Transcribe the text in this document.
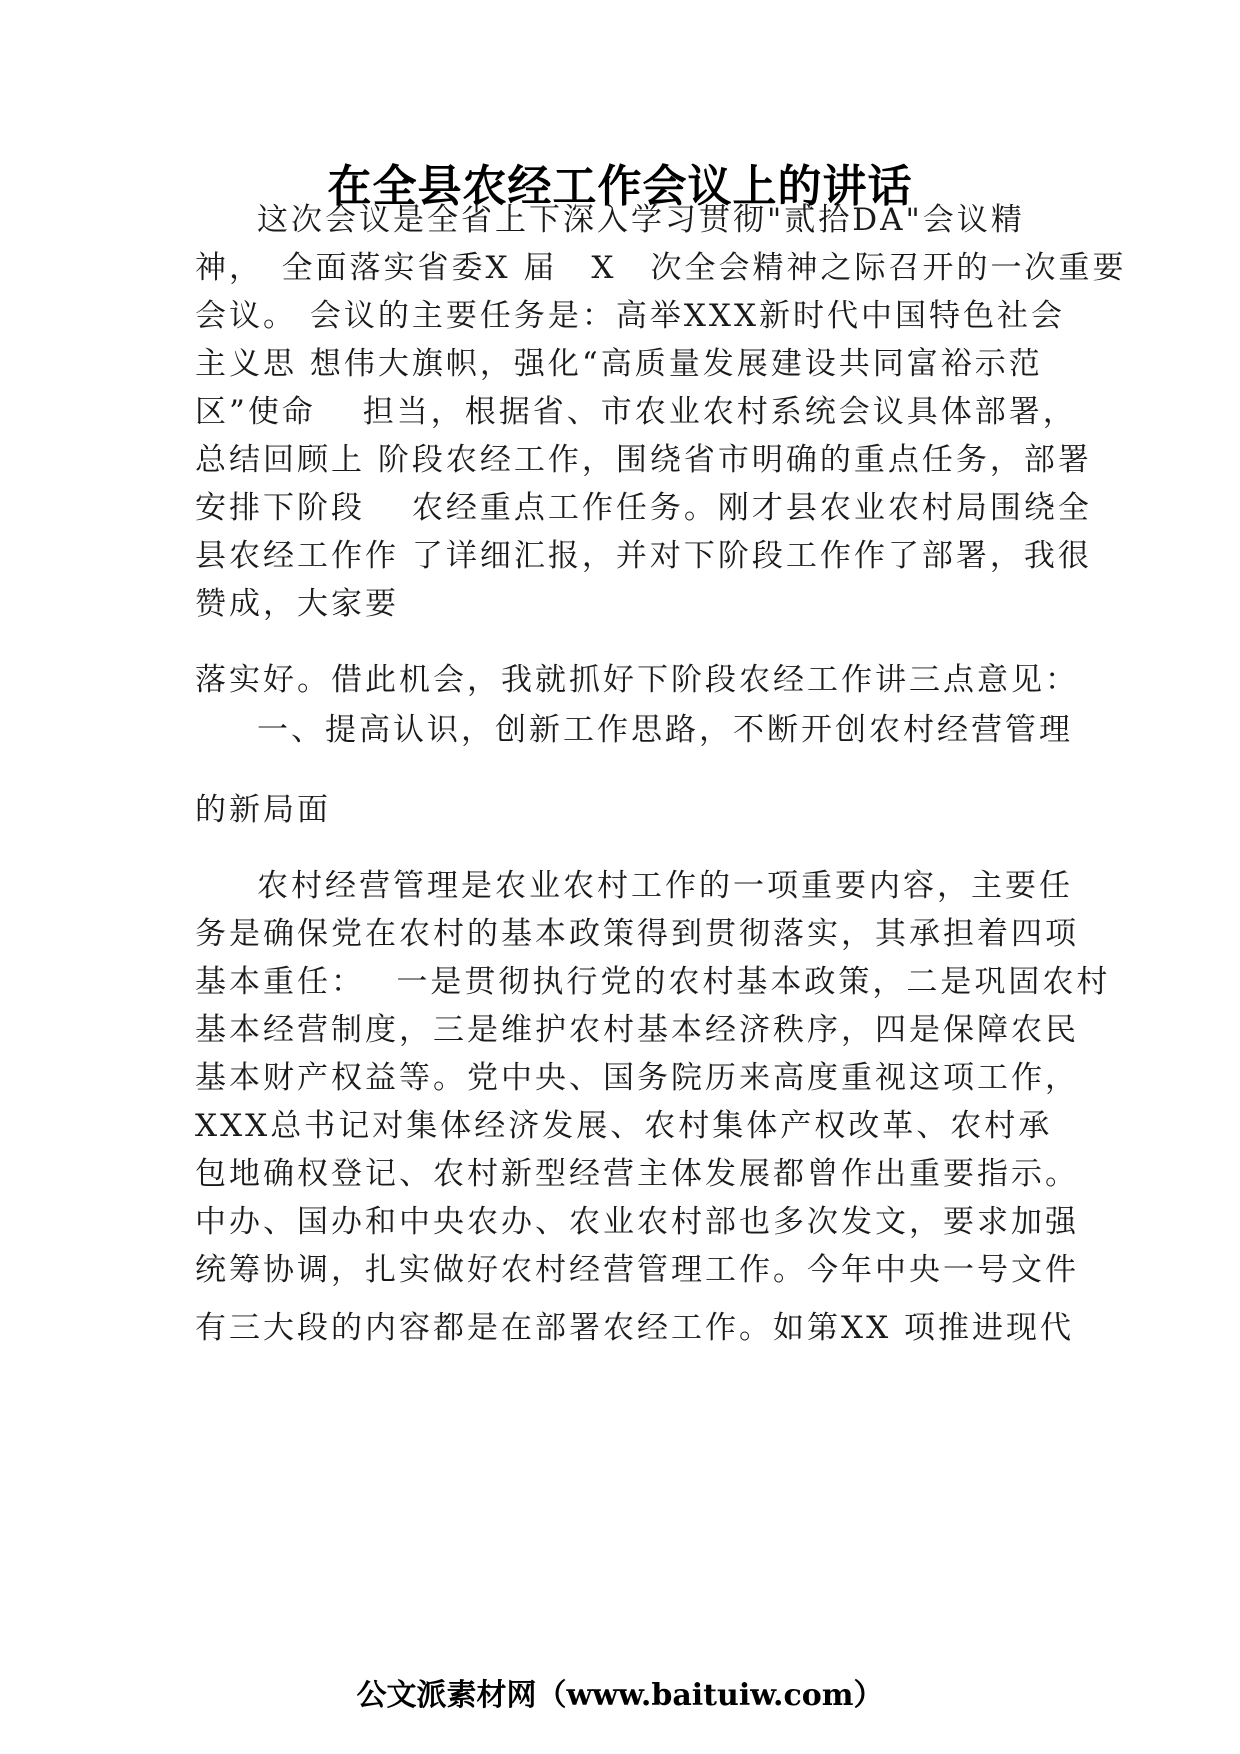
在全县农经工作会议上的讲话
这次会议是全省上下深入学习贯彻"贰拾DA"会议精
神，　全面落实省委X 届　X　次全会精神之际召开的一次重要
会议。 会议的主要任务是：高举XXX新时代中国特色社会
主义思 想伟大旗帜，强化“高质量发展建设共同富裕示范
区”使命　 担当，根据省、市农业农村系统会议具体部署，
总结回顾上 阶段农经工作，围绕省市明确的重点任务，部署
安排下阶段　 农经重点工作任务。刚才县农业农村局围绕全
县农经工作作 了详细汇报，并对下阶段工作作了部署，我很
赞成，大家要
落实好。借此机会，我就抓好下阶段农经工作讲三点意见：
一、提高认识，创新工作思路，不断开创农村经营管理
的新局面
农村经营管理是农业农村工作的一项重要内容，主要任
务是确保党在农村的基本政策得到贯彻落实，其承担着四项
基本重任：　 一是贯彻执行党的农村基本政策，二是巩固农村
基本经营制度，三是维护农村基本经济秩序，四是保障农民
基本财产权益等。党中央、国务院历来高度重视这项工作，
XXX总书记对集体经济发展、农村集体产权改革、农村承
包地确权登记、农村新型经营主体发展都曾作出重要指示。
中办、国办和中央农办、农业农村部也多次发文，要求加强
统筹协调，扎实做好农村经营管理工作。今年中央一号文件
有三大段的内容都是在部署农经工作。如第XX 项推进现代
公文派素材网（www.baituiw.com）
